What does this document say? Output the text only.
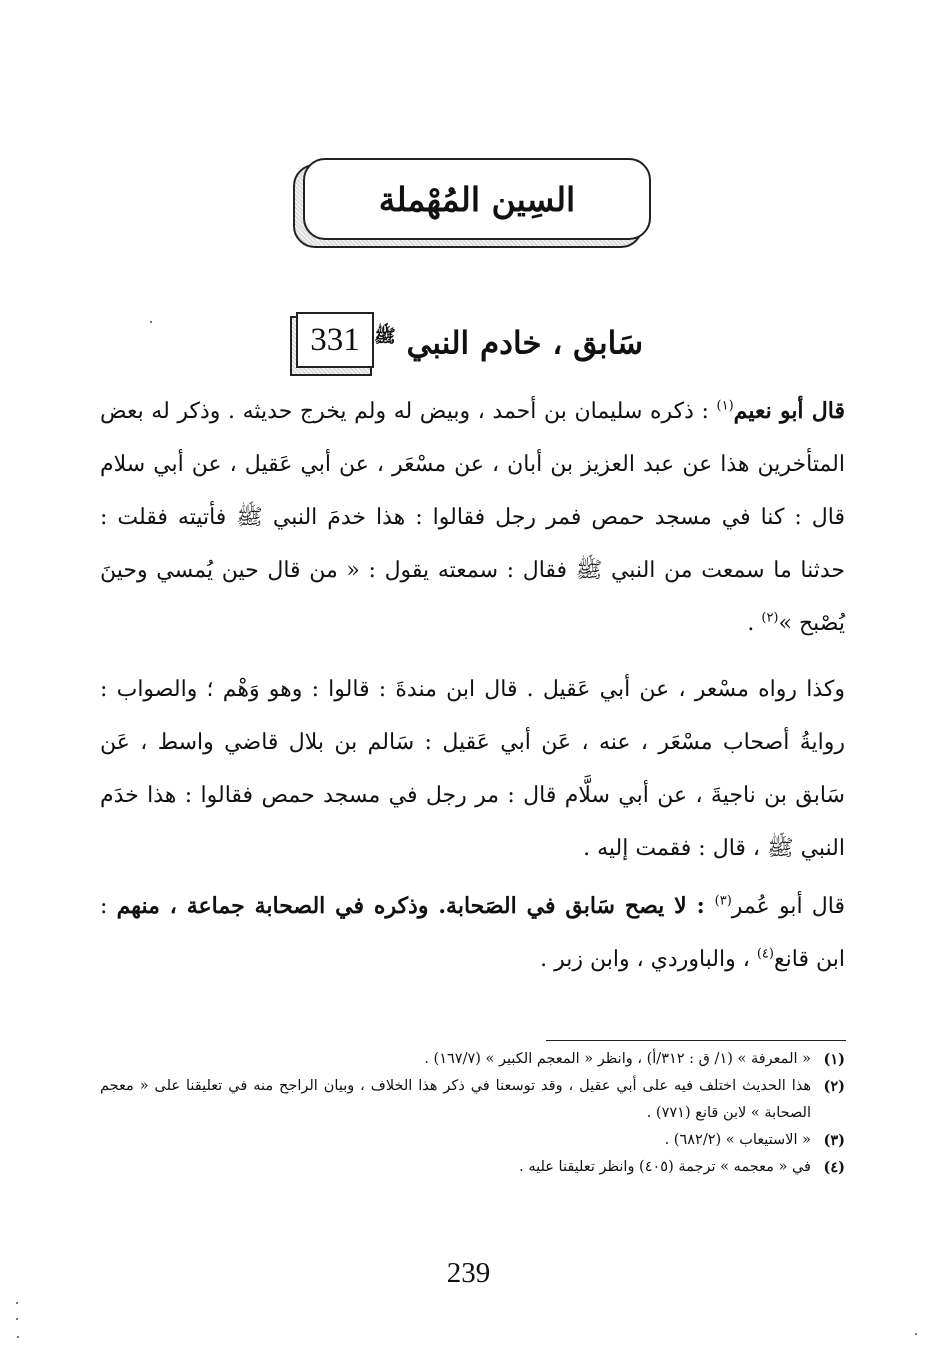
السِين المُهْملة
331	سَابق ، خادم النبي $^ﷺ$
قال أبو نعيم$^{(١)}$ : ذكره سليمان بن أحمد ، وبيض له ولم يخرج حديثه . وذكر له بعض المتأخرين هذا عن عبد العزيز بن أبان ، عن مسْعَر ، عن أبي عَقيل ، عن أبي سلام قال : كنا في مسجد حمص فمر رجل فقالوا : هذا خدمَ النبي ﷺ فأتيته فقلت : حدثنا ما سمعت من النبي ﷺ فقال : سمعته يقول : « من قال حين يُمسي وحينَ يُصْبح »$^{(٢)}$ .
وكذا رواه مسْعر ، عن أبي عَقيل . قال ابن مندةَ : قالوا : وهو وَهْم ؛ والصواب : روايةُ أصحاب مسْعَر ، عنه ، عَن أبي عَقيل : سَالم بن بلال قاضي واسط ، عَن سَابق بن ناجيةَ ، عن أبي سلَّام قال : مر رجل في مسجد حمص فقالوا : هذا خدَم النبي ﷺ ، قال : فقمت إليه .
قال أبو عُمر$^{(٣)}$ : لا يصح سَابق في الصَحابة. وذكره في الصحابة جماعة ، منهم : ابن قانع$^{(٤)}$ ، والباوردي ، وابن زبر .
(١)
« المعرفة » (١/ ق : ٣١٢/أ) ، وانظر « المعجم الكبير » (١٦٧/٧) .
(٢)
هذا الحديث اختلف فيه على أبي عقيل ، وقد توسعنا في ذكر هذا الخلاف ، وبيان الراجح منه في تعليقنا على « معجم الصحابة » لابن قانع (٧٧١) .
(٣)
« الاستيعاب » (٦٨٢/٢) .
(٤)
في « معجمه » ترجمة (٤٠٥) وانظر تعليقنا عليه .
239
